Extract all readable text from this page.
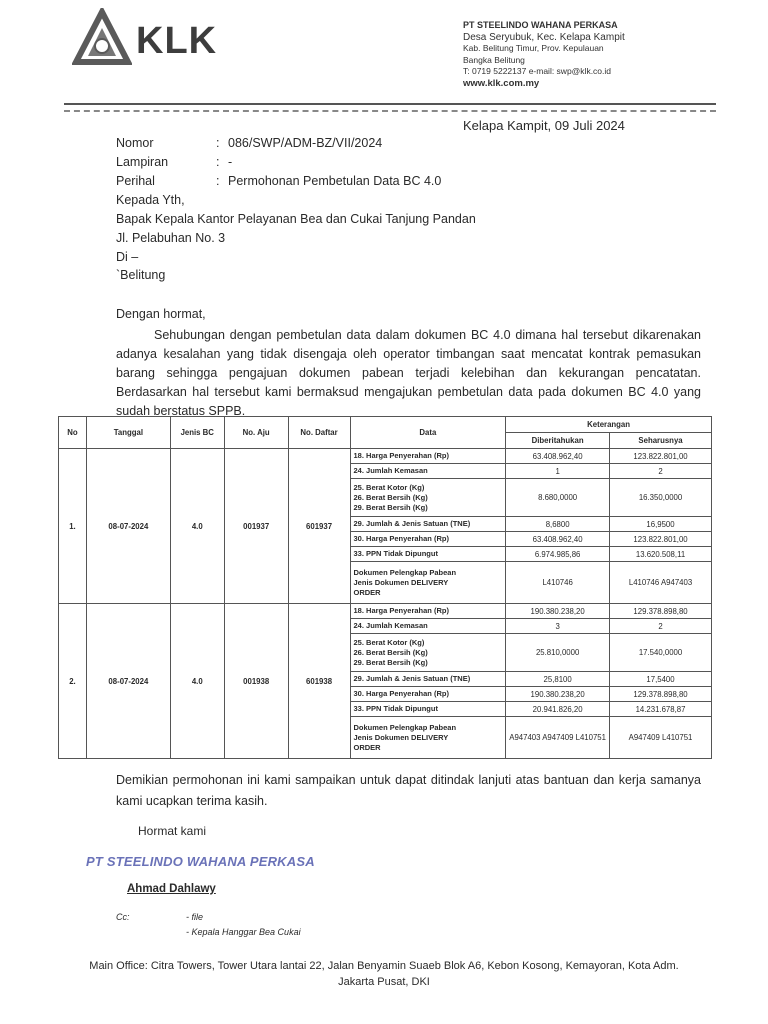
KLK	PT STEELINDO WAHANA PERKASA
Desa Seryubuk, Kec. Kelapa Kampit
Kab. Belitung Timur, Prov. Kepulauan
Bangka Belitung
T: 0719 5222137 e-mail: swp@klk.co.id
www.klk.com.my
Kelapa Kampit, 09 Juli 2024
Nomor	: 086/SWP/ADM-BZ/VII/2024
Lampiran	: -
Perihal	: Permohonan Pembetulan Data BC 4.0
Kepada Yth,
Bapak Kepala Kantor Pelayanan Bea dan Cukai Tanjung Pandan
Jl. Pelabuhan No. 3
Di –
`Belitung
Dengan hormat,
Sehubungan dengan pembetulan data dalam dokumen BC 4.0 dimana hal tersebut dikarenakan adanya kesalahan yang tidak disengaja oleh operator timbangan saat mencatat kontrak pemasukan barang sehingga pengajuan dokumen pabean terjadi kelebihan dan kekurangan pencatatan. Berdasarkan hal tersebut kami bermaksud mengajukan pembetulan data pada dokumen BC 4.0 yang sudah berstatus SPPB.
No	Tanggal	Jenis BC	No. Aju	No. Daftar	Data	Keterangan	
						Diberitahukan	Seharusnya
1.	08-07-2024	4.0	001937	601937	18. Harga Penyerahan (Rp)	63.408.962,40	123.822.801,00

					24. Jumlah Kemasan	1	2

					25. Berat Kotor (Kg)
26. Berat Bersih (Kg)
29. Berat Bersih (Kg)	8.680,0000	16.350,0000

					29. Jumlah & Jenis Satuan (TNE)	8,6800	16,9500

					30. Harga Penyerahan (Rp)	63.408.962,40	123.822.801,00

					33. PPN Tidak Dipungut	6.974.985,86	13.620.508,11

					Dokumen Pelengkap Pabean
Jenis Dokumen DELIVERY
ORDER	L410746	L410746 A947403
2.	08-07-2024	4.0	001938	601938	18. Harga Penyerahan (Rp)	190.380.238,20	129.378.898,80

					24. Jumlah Kemasan	3	2

					25. Berat Kotor (Kg)
26. Berat Bersih (Kg)
29. Berat Bersih (Kg)	25.810,0000	17.540,0000

					29. Jumlah & Jenis Satuan (TNE)	25,8100	17,5400

					30. Harga Penyerahan (Rp)	190.380.238,20	129.378.898,80

					33. PPN Tidak Dipungut	20.941.826,20	14.231.678,87

					Dokumen Pelengkap Pabean
Jenis Dokumen DELIVERY
ORDER	A947403 A947409 L410751	A947409 L410751
Demikian permohonan ini kami sampaikan untuk dapat ditindak lanjuti atas bantuan dan kerja samanya kami ucapkan terima kasih.
Hormat kami
PT STEELINDO WAHANA PERKASA
Ahmad Dahlawy
Cc:	- file
- Kepala Hanggar Bea Cukai
Main Office: Citra Towers, Tower Utara lantai 22, Jalan Benyamin Suaeb Blok A6, Kebon Kosong, Kemayoran, Kota Adm.
Jakarta Pusat, DKI
